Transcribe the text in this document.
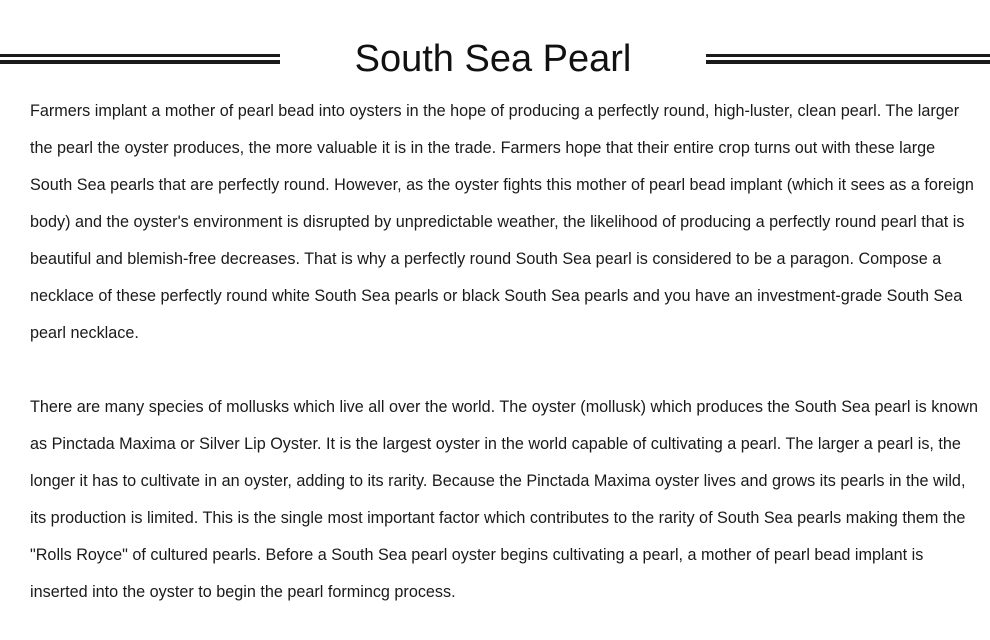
South Sea Pearl

Farmers implant a mother of pearl bead into oysters in the hope of producing a perfectly round, high-luster, clean pearl. The larger the pearl the oyster produces, the more valuable it is in the trade. Farmers hope that their entire crop turns out with these large South Sea pearls that are perfectly round. However, as the oyster fights this mother of pearl bead implant (which it sees as a foreign body) and the oyster's environment is disrupted by unpredictable weather, the likelihood of producing a perfectly round pearl that is beautiful and blemish-free decreases. That is why a perfectly round South Sea pearl is considered to be a paragon. Compose a necklace of these perfectly round white South Sea pearls or black South Sea pearls and you have an investment-grade South Sea pearl necklace.

There are many species of mollusks which live all over the world. The oyster (mollusk) which produces the South Sea pearl is known as Pinctada Maxima or Silver Lip Oyster. It is the largest oyster in the world capable of cultivating a pearl. The larger a pearl is, the longer it has to cultivate in an oyster, adding to its rarity. Because the Pinctada Maxima oyster lives and grows its pearls in the wild, its production is limited. This is the single most important factor which contributes to the rarity of South Sea pearls making them the "Rolls Royce" of cultured pearls. Before a South Sea pearl oyster begins cultivating a pearl, a mother of pearl bead implant is inserted into the oyster to begin the pearl formincg process.
